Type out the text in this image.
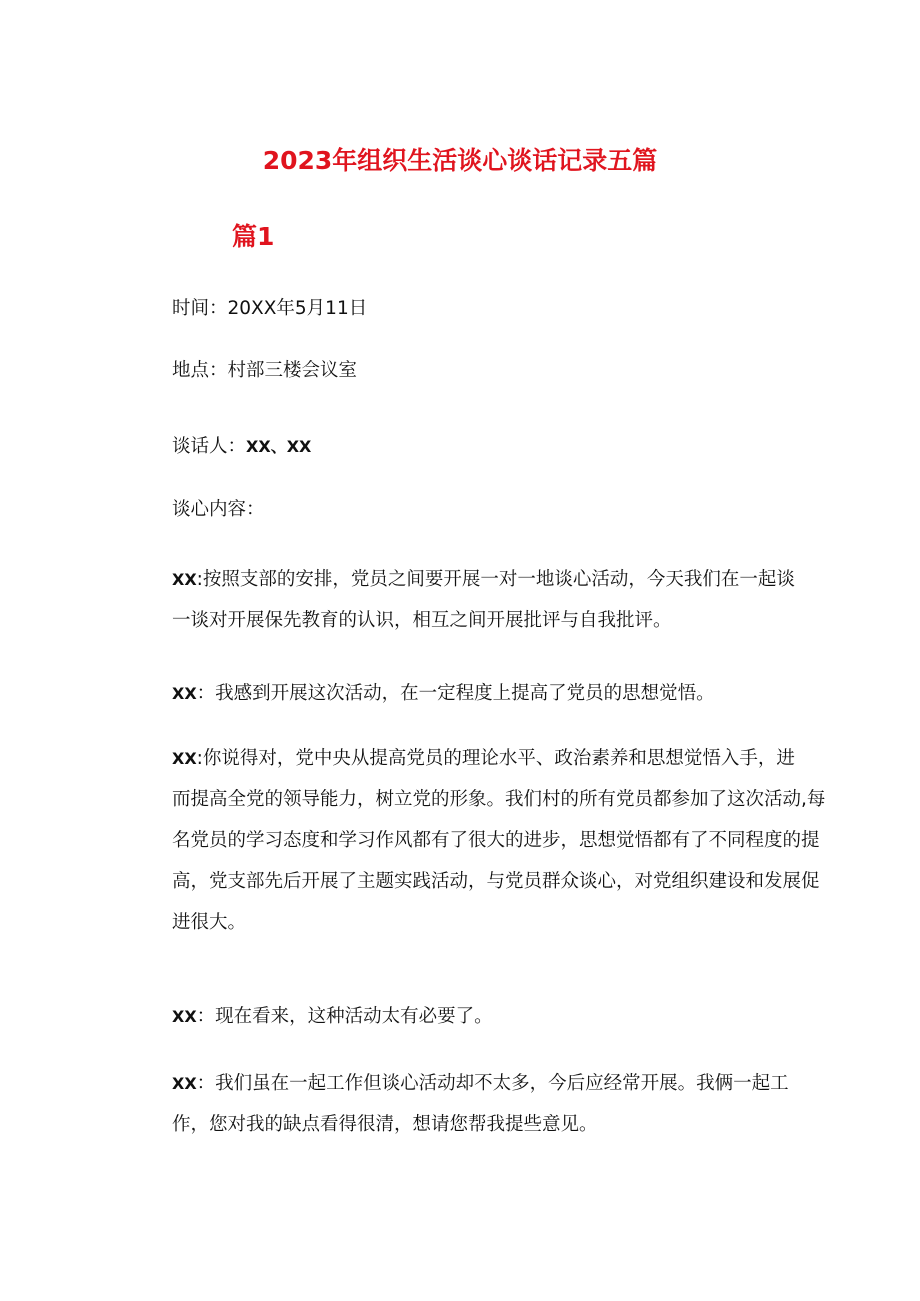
2023年组织生活谈心谈话记录五篇
篇1

时间：20XX年5月11日

地点：村部三楼会议室

谈话人：XX、XX

谈心内容：

XX:按照支部的安排，党员之间要开展一对一地谈心活动，今天我们在一起谈
一谈对开展保先教育的认识，相互之间开展批评与自我批评。
XX：我感到开展这次活动，在一定程度上提高了党员的思想觉悟。
XX:你说得对，党中央从提高党员的理论水平、政治素养和思想觉悟入手，进
而提高全党的领导能力，树立党的形象。我们村的所有党员都参加了这次活动,每
名党员的学习态度和学习作风都有了很大的进步，思想觉悟都有了不同程度的提
高，党支部先后开展了主题实践活动，与党员群众谈心，对党组织建设和发展促
进很大。
XX：现在看来，这种活动太有必要了。
XX：我们虽在一起工作但谈心活动却不太多，今后应经常开展。我俩一起工
作，您对我的缺点看得很清，想请您帮我提些意见。
